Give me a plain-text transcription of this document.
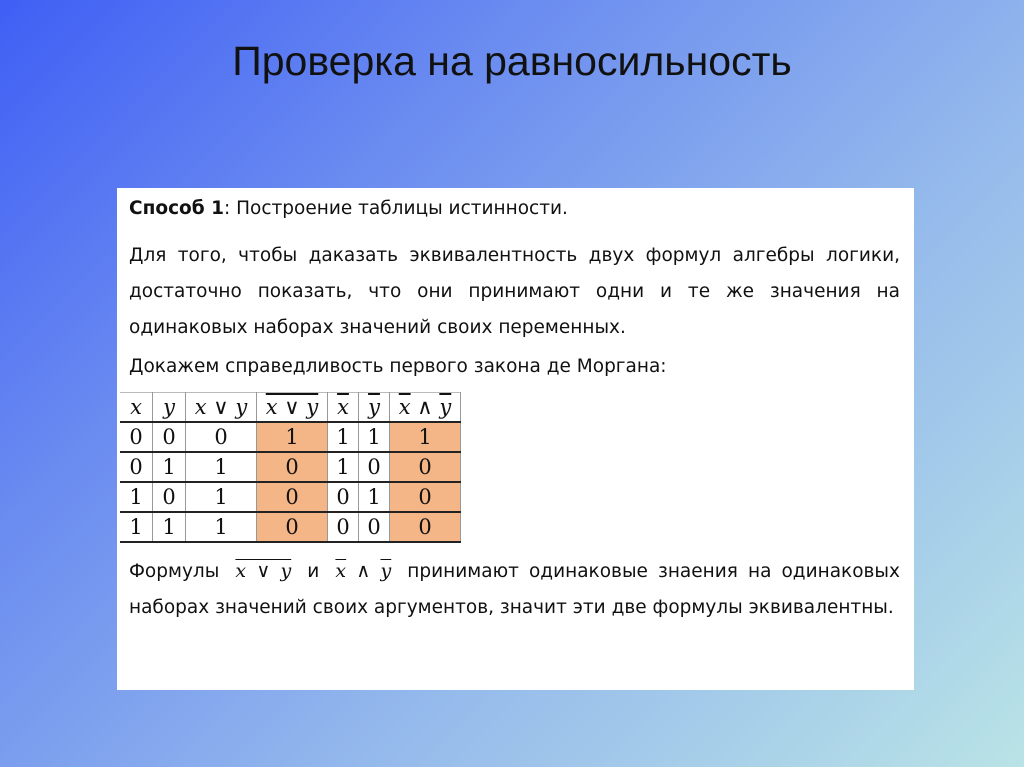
Проверка на равносильность
Способ 1: Построение таблицы истинности.
Для того, чтобы даказать эквивалентность двух формул алгебры логики, достаточно показать, что они принимают одни и те же значения на одинаковых наборах значений своих переменных.
Докажем справедливость первого закона де Моргана:
x	y	x ∨ y	x ∨ y	$\overline{x}$	$\overline{y}$	$\overline{x}$ ∧ $\overline{y}$
0	0	0	1	1	1	1
0	1	1	0	1	0	0
1	0	1	0	0	1	0
1	1	1	0	0	0	0
Формулы x ∨ y и $\overline{x}$ ∧ $\overline{y}$ принимают одинаковые знаения на одинаковых наборах значений своих аргументов, значит эти две формулы эквивалентны.
